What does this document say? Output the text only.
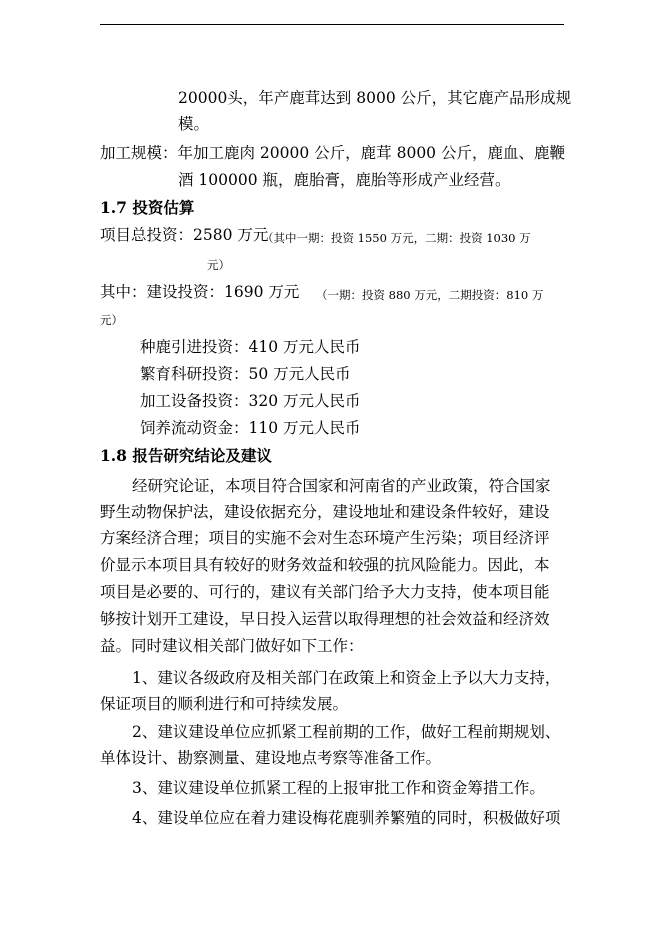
20000头，年产鹿茸达到 8000 公斤，其它鹿产品形成规
模。
加工规模：年加工鹿肉 20000 公斤，鹿茸 8000 公斤，鹿血、鹿鞭
酒 100000 瓶，鹿胎膏，鹿胎等形成产业经营。
1.7 投资估算
项目总投资：2580 万元
（其中一期：投资 1550 万元，二期：投资 1030 万
元）
其中：建设投资：1690 万元 （一期：投资 880 万元，二期投资：810 万
元）
种鹿引进投资：410 万元人民币
繁育科研投资：50 万元人民币
加工设备投资：320 万元人民币
饲养流动资金：110 万元人民币
1.8 报告研究结论及建议
经研究论证，本项目符合国家和河南省的产业政策，符合国家
野生动物保护法，建设依据充分，建设地址和建设条件较好，建设
方案经济合理；项目的实施不会对生态环境产生污染；项目经济评
价显示本项目具有较好的财务效益和较强的抗风险能力。因此，本
项目是必要的、可行的，建议有关部门给予大力支持，使本项目能
够按计划开工建设，早日投入运营以取得理想的社会效益和经济效
益。同时建议相关部门做好如下工作：
1、建议各级政府及相关部门在政策上和资金上予以大力支持，
保证项目的顺利进行和可持续发展。
2、建议建设单位应抓紧工程前期的工作，做好工程前期规划、
单体设计、勘察测量、建设地点考察等准备工作。
3、建议建设单位抓紧工程的上报审批工作和资金筹措工作。
4、建设单位应在着力建设梅花鹿驯养繁殖的同时，积极做好项
